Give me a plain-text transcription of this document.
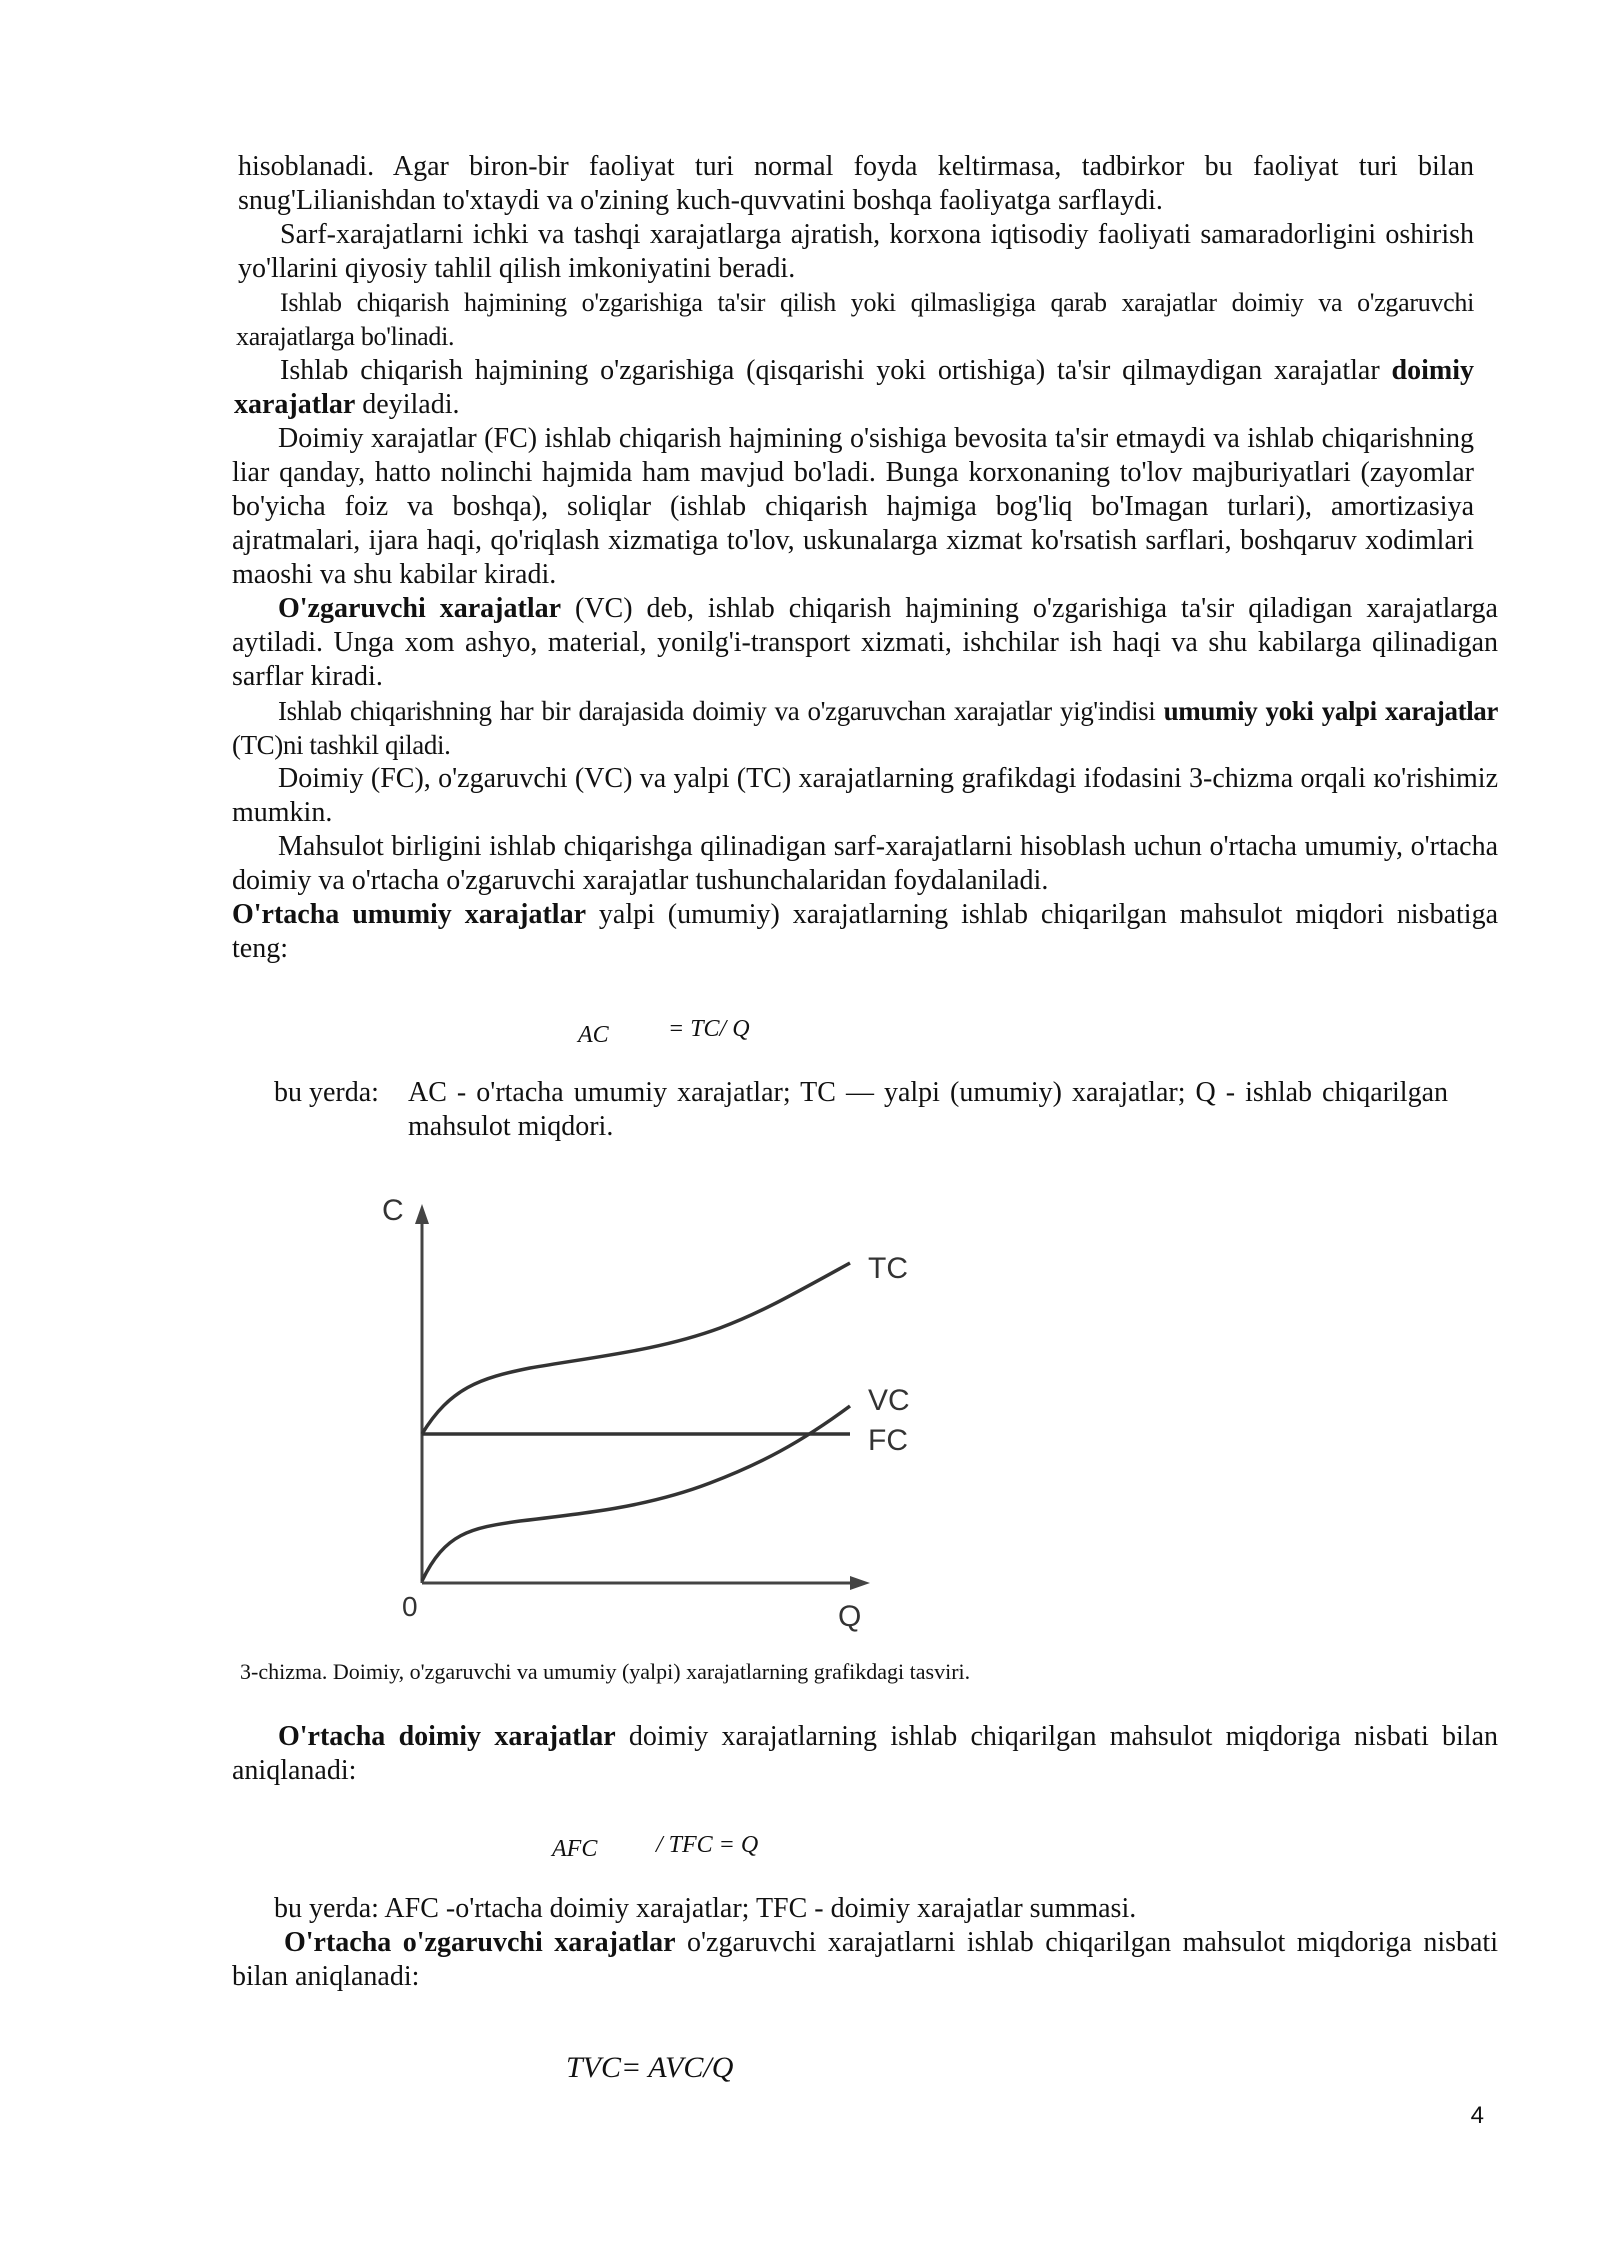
hisoblanadi. Agar biron-bir faoliyat turi normal foyda keltirmasa, tadbirkor bu faoliyat turi bilan snug'Lilianishdan to'xtaydi va o'zining kuch-quvvatini boshqa faoliyatga sarflaydi.
Sarf-xarajatlarni ichki va tashqi xarajatlarga ajratish, korxona iqtisodiy faoliyati samaradorligini oshirish yo'llarini qiyosiy tahlil qilish imkoniyatini beradi.
Ishlab chiqarish hajmining o'zgarishiga ta'sir qilish yoki qilmasligiga qarab xarajatlar doimiy va o'zgaruvchi xarajatlarga bo'linadi.
Ishlab chiqarish hajmining o'zgarishiga (qisqarishi yoki ortishiga) ta'sir qilmaydigan xarajatlar doimiy xarajatlar deyiladi.
Doimiy xarajatlar (FC) ishlab chiqarish hajmining o'sishiga bevosita ta'sir etmaydi va ishlab chiqarishning liar qanday, hatto nolinchi hajmida ham mavjud bo'ladi. Bunga korxonaning to'lov majburiyatlari (zayomlar bo'yicha foiz va boshqa), soliqlar (ishlab chiqarish hajmiga bog'liq bo'Imagan turlari), amortizasiya ajratmalari, ijara haqi, qo'riqlash xizmatiga to'lov, uskunalarga xizmat ko'rsatish sarflari, boshqaruv xodimlari maoshi va shu kabilar kiradi.
O'zgaruvchi xarajatlar (VC) deb, ishlab chiqarish hajmining o'zgarishiga ta'sir qiladigan xarajatlarga aytiladi. Unga xom ashyo, material, yonilg'i-transport xizmati, ishchilar ish haqi va shu kabilarga qilinadigan sarflar kiradi.
Ishlab chiqarishning har bir darajasida doimiy va o'zgaruvchan xarajatlar yig'indisi umumiy yoki yalpi xarajatlar (TC)ni tashkil qiladi.
Doimiy (FC), o'zgaruvchi (VC) va yalpi (TC) xarajatlarning grafikdagi ifodasini 3-chizma orqali ĸo'rishimiz mumkin.
Mahsulot birligini ishlab chiqarishga qilinadigan sarf-xarajatlarni hisoblash uchun o'rtacha umumiy, o'rtacha doimiy va o'rtacha o'zgaruvchi xarajatlar tushunchalaridan foydalaniladi.
O'rtacha umumiy xarajatlar yalpi (umumiy) xarajatlarning ishlab chiqarilgan mahsulot miqdori nisbatiga teng:
AC = TC/ Q
bu yerda: AC - o'rtacha umumiy xarajatlar; TC — yalpi (umumiy) xarajatlar; Q - ishlab chiqarilgan mahsulot miqdori.
C
Q
0
TC
VC
FC
3-chizma. Doimiy, o'zgaruvchi va umumiy (yalpi) xarajatlarning grafikdagi tasviri.
O'rtacha doimiy xarajatlar doimiy xarajatlarning ishlab chiqarilgan mahsulot miqdoriga nisbati bilan aniqlanadi:
AFC / TFC = Q
bu yerda: AFC -o'rtacha doimiy xarajatlar; TFC - doimiy xarajatlar summasi.
O'rtacha o'zgaruvchi xarajatlar o'zgaruvchi xarajatlarni ishlab chiqarilgan mahsulot miqdoriga nisbati bilan aniqlanadi:
TVC= AVC/Q
4
